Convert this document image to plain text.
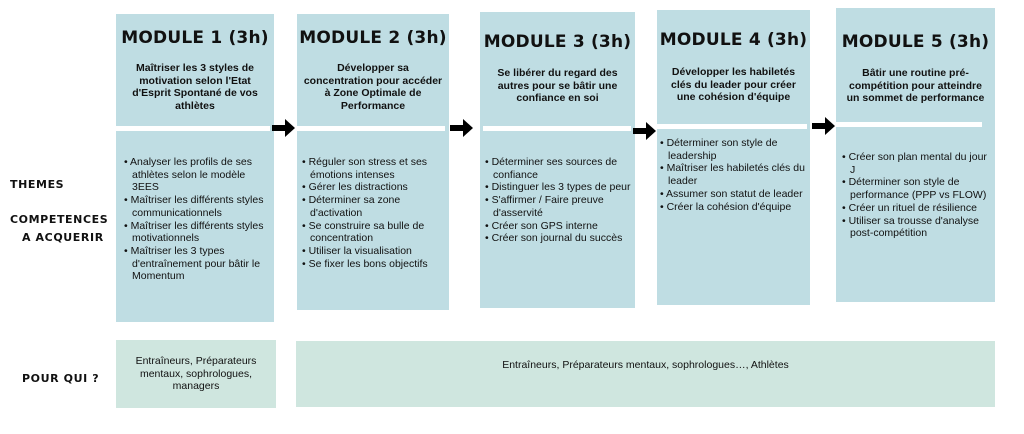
THEMES
COMPETENCES
A ACQUERIR
POUR QUI ?
MODULE 1 (3h)
Maîtriser les 3 styles de motivation selon l'Etat d'Esprit Spontané de vos athlètes
• Analyser les profils de ses athlètes selon le modèle 3EES
• Maîtriser les différents styles communicationnels
• Maîtriser les différents styles motivationnels
• Maîtriser les 3 types d'entraînement pour bâtir le Momentum
MODULE 2 (3h)
Développer sa concentration pour accéder à Zone Optimale de Performance
• Réguler son stress et ses émotions intenses
• Gérer les distractions
• Déterminer sa zone d'activation
• Se construire sa bulle de concentration
• Utiliser la visualisation
• Se fixer les bons objectifs
MODULE 3 (3h)
Se libérer du regard des autres pour se bâtir une confiance en soi
• Déterminer ses sources de confiance
• Distinguer les 3 types de peur
• S'affirmer / Faire preuve d'asservité
• Créer son GPS interne
• Créer son journal du succès
MODULE 4 (3h)
Développer les habiletés clés du leader pour créer une cohésion d'équipe
• Déterminer son style de leadership
• Maîtriser les habiletés clés du leader
• Assumer son statut de leader
• Créer la cohésion d'équipe
MODULE 5 (3h)
Bâtir une routine pré-compétition pour atteindre un sommet de performance
• Créer son plan mental du jour J
• Déterminer son style de performance (PPP vs FLOW)
• Créer un rituel de résilience
• Utiliser sa trousse d'analyse post-compétition
Entraîneurs, Préparateurs mentaux, sophrologues, managers
Entraîneurs, Préparateurs mentaux, sophrologues…, Athlètes
